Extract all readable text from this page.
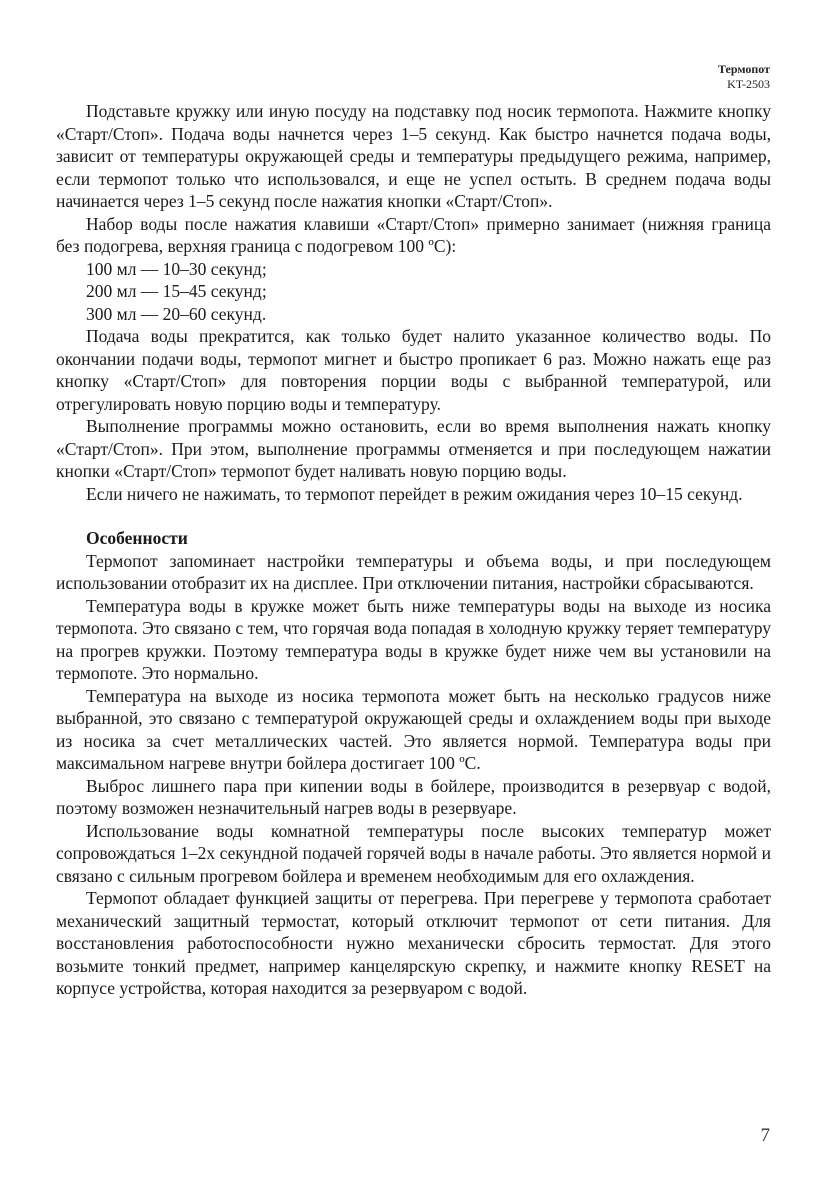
Термопот
KT-2503

Подставьте кружку или иную посуду на подставку под носик термопота. Нажмите кнопку «Старт/Стоп». Подача воды начнется через 1–5 секунд. Как быстро начнется подача воды, зависит от температуры окружающей среды и температуры предыдущего режима, например, если термопот только что использовался, и еще не успел остыть. В среднем подача воды начинается через 1–5 секунд после нажатия кнопки «Старт/Стоп».

Набор воды после нажатия клавиши «Старт/Стоп» примерно занимает (нижняя граница без подогрева, верхняя граница с подогревом 100 ºС):

100 мл — 10–30 секунд;

200 мл — 15–45 секунд;

300 мл — 20–60 секунд.

Подача воды прекратится, как только будет налито указанное количество воды. По окончании подачи воды, термопот мигнет и быстро пропикает 6 раз. Можно нажать еще раз кнопку «Старт/Стоп» для повторения порции воды с выбранной температурой, или отрегулировать новую порцию воды и температуру.

Выполнение программы можно остановить, если во время выполнения нажать кнопку «Старт/Стоп». При этом, выполнение программы отменяется и при последующем нажатии кнопки «Старт/Стоп» термопот будет наливать новую порцию воды.

Если ничего не нажимать, то термопот перейдет в режим ожидания через 10–15 секунд.

Особенности

Термопот запоминает настройки температуры и объема воды, и при последующем использовании отобразит их на дисплее. При отключении питания, настройки сбрасываются.

Температура воды в кружке может быть ниже температуры воды на выходе из носика термопота. Это связано с тем, что горячая вода попадая в холодную кружку теряет температуру на прогрев кружки. Поэтому температура воды в кружке будет ниже чем вы установили на термопоте. Это нормально.

Температура на выходе из носика термопота может быть на несколько градусов ниже выбранной, это связано с температурой окружающей среды и охлаждением воды при выходе из носика за счет металлических частей. Это является нормой. Температура воды при максимальном нагреве внутри бойлера достигает 100 ºС.

Выброс лишнего пара при кипении воды в бойлере, производится в резервуар с водой, поэтому возможен незначительный нагрев воды в резервуаре.

Использование воды комнатной температуры после высоких температур может сопровождаться 1–2х секундной подачей горячей воды в начале работы. Это является нормой и связано с сильным прогревом бойлера и временем необходимым для его охлаждения.

Термопот обладает функцией защиты от перегрева. При перегреве у термопота сработает механический защитный термостат, который отключит термопот от сети питания. Для восстановления работоспособности нужно механически сбросить термостат. Для этого возьмите тонкий предмет, например канцелярскую скрепку, и нажмите кнопку RESET на корпусе устройства, которая находится за резервуаром с водой.

7
